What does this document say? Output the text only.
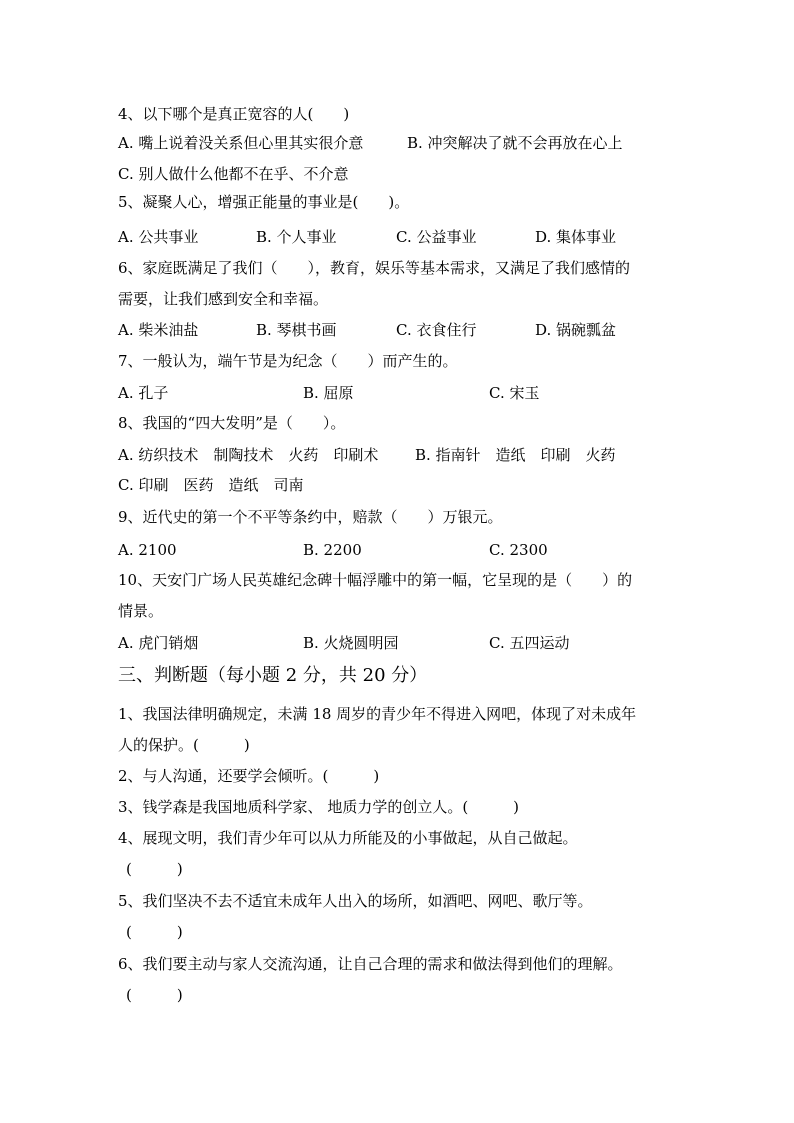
4、以下哪个是真正宽容的人(　　)
A. 嘴上说着没关系但心里其实很介意	B. 冲突解决了就不会再放在心上
C. 别人做什么他都不在乎、不介意
5、凝聚人心，增强正能量的事业是(　　)。
A. 公共事业	B. 个人事业	C. 公益事业	D. 集体事业
6、家庭既满足了我们（　　），教育，娱乐等基本需求，又满足了我们感情的
需要，让我们感到安全和幸福。
A. 柴米油盐	B. 琴棋书画	C. 衣食住行	D. 锅碗瓢盆
7、一般认为，端午节是为纪念（　　）而产生的。
A. 孔子	B. 屈原	C. 宋玉
8、我国的“四大发明”是（　　）。
A. 纺织技术　制陶技术　火药　印刷术 B. 指南针　造纸　印刷　火药
C. 印刷　医药　造纸　司南
9、近代史的第一个不平等条约中，赔款（　　）万银元。
A. 2100	B. 2200	C. 2300
10、天安门广场人民英雄纪念碑十幅浮雕中的第一幅，它呈现的是（　　）的
情景。
A. 虎门销烟	B. 火烧圆明园	C. 五四运动
三、判断题（每小题 2 分，共 20 分）
1、我国法律明确规定，未满 18 周岁的青少年不得进入网吧，体现了对未成年
人的保护。(　　　)
2、与人沟通，还要学会倾听。(　　　)
3、钱学森是我国地质科学家、 地质力学的创立人。(　　　)
4、展现文明，我们青少年可以从力所能及的小事做起，从自己做起。
(　　　)
5、我们坚决不去不适宜未成年人出入的场所，如酒吧、网吧、歌厅等。
(　　　)
6、我们要主动与家人交流沟通，让自己合理的需求和做法得到他们的理解。
(　　　)
